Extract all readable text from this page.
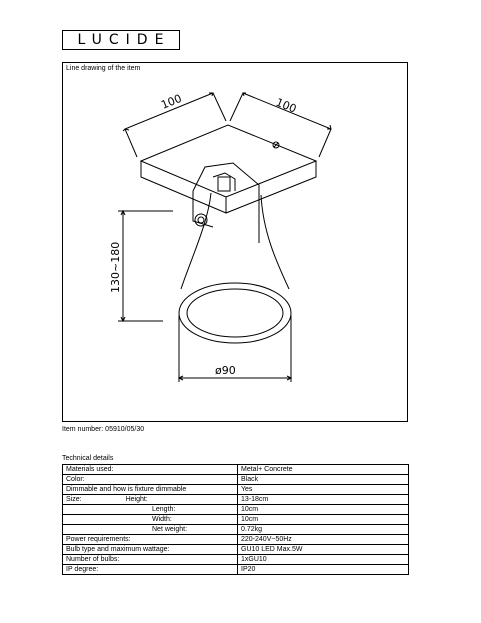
LUCIDE
Line drawing of the item
100	100
130~180
ø90
Item number: 05910/05/30
Technical details
Materials used:	Metal+ Concrete
Color:	Black
Dimmable and how is fixture dimmable	Yes
Size: Height:	13-18cm
Length:	10cm
Width:	10cm
Net weight:	0.72kg
Power requirements:	220-240V~50Hz
Bulb type and maximum wattage:	GU10 LED Max.5W
Number of bulbs:	1xGU10
IP degree:	IP20
